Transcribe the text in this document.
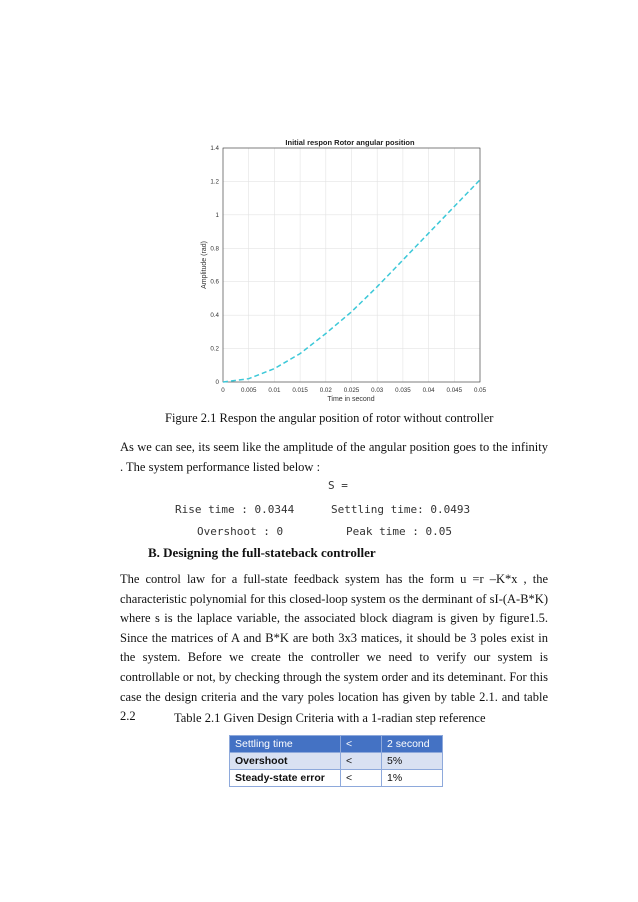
Initial respon Rotor angular position
0	0.005 0.01 0.015 0.02 0.025 0.03 0.035 0.04 0.045 0.05
0
0.2
0.4
0.6
0.8
1
1.2
1.4
Time in second
Amplitude (rad)
Figure 2.1 Respon the angular position of rotor without controller

As we can see, its seem like the amplitude of the angular position goes to the infinity . The system performance listed below :

S =
Rise time : 0.0344	Settling time: 0.0493
Overshoot : 0	Peak time : 0.05
B. Designing the full-stateback controller

The control law for a full-state feedback system has the form u =r –K*x , the characteristic polynomial for this closed-loop system os the derminant of sI-(A-B*K) where s is the laplace variable, the associated block diagram is given by figure1.5. Since the matrices of A and B*K are both 3x3 matices, it should be 3 poles exist in the system. Before we create the controller we need to verify our system is controllable or not, by checking through the system order and its deteminant. For this case the design criteria and the vary poles location has given by table 2.1. and table 2.2	Table 2.1 Given Design Criteria with a 1-radian step reference
Settling time	<	2 second
Overshoot	<	5%
Steady-state error	<	1%
